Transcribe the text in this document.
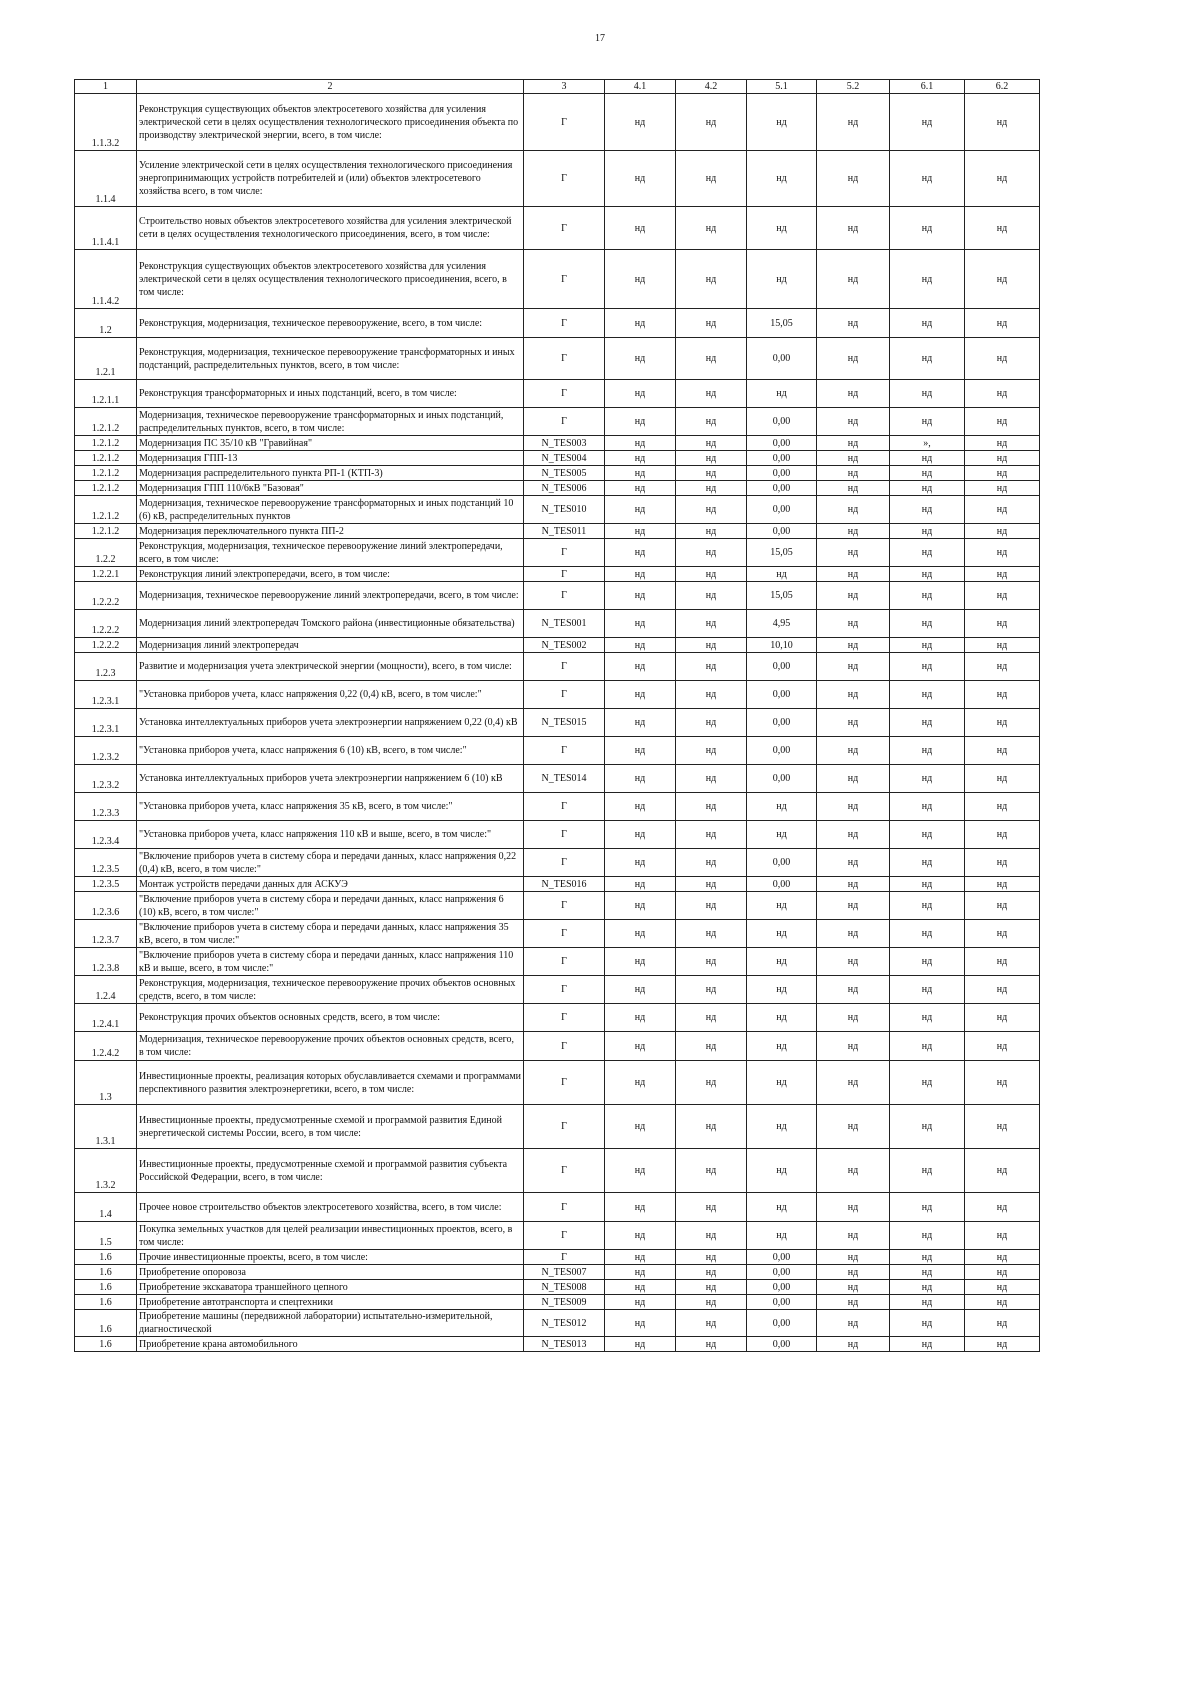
17
1	2	3	4.1	4.2	5.1	5.2	6.1	6.2
1.1.3.2	Реконструкция существующих объектов электросетевого хозяйства для усиления электрической сети в целях осуществления технологического присоединения объекта по производству электрической энергии, всего, в том числе:	Г	нд	нд	нд	нд	нд	нд
1.1.4	Усиление электрической сети в целях осуществления технологического присоединения энергопринимающих устройств потребителей и (или) объектов электросетевого хозяйства всего, в том числе:	Г	нд	нд	нд	нд	нд	нд
1.1.4.1	Строительство новых объектов электросетевого хозяйства для усиления электрической сети в целях осуществления технологического присоединения, всего, в том числе:	Г	нд	нд	нд	нд	нд	нд
1.1.4.2	Реконструкция существующих объектов электросетевого хозяйства для усиления электрической сети в целях осуществления технологического присоединения, всего, в том числе:	Г	нд	нд	нд	нд	нд	нд
1.2	Реконструкция, модернизация, техническое перевооружение, всего, в том числе:	Г	нд	нд	15,05	нд	нд	нд
1.2.1	Реконструкция, модернизация, техническое перевооружение трансформаторных и иных подстанций, распределительных пунктов, всего, в том числе:	Г	нд	нд	0,00	нд	нд	нд
1.2.1.1	Реконструкция трансформаторных и иных подстанций, всего, в том числе:	Г	нд	нд	нд	нд	нд	нд
1.2.1.2	Модернизация, техническое перевооружение трансформаторных и иных подстанций, распределительных пунктов, всего, в том числе:	Г	нд	нд	0,00	нд	нд	нд
1.2.1.2	Модернизация ПС 35/10 кВ "Гравийная"	N_TES003	нд	нд	0,00	нд	»,	нд
1.2.1.2	Модернизация ГПП-13	N_TES004	нд	нд	0,00	нд	нд	нд
1.2.1.2	Модернизация распределительного пункта РП-1 (КТП-3)	N_TES005	нд	нд	0,00	нд	нд	нд
1.2.1.2	Модернизация ГПП 110/6кВ "Базовая"	N_TES006	нд	нд	0,00	нд	нд	нд
1.2.1.2	Модернизация, техническое перевооружение трансформаторных и иных подстанций 10 (6) кВ, распределительных пунктов	N_TES010	нд	нд	0,00	нд	нд	нд
1.2.1.2	Модернизация переключательного пункта ПП-2	N_TES011	нд	нд	0,00	нд	нд	нд
1.2.2	Реконструкция, модернизация, техническое перевооружение линий электропередачи, всего, в том числе:	Г	нд	нд	15,05	нд	нд	нд
1.2.2.1	Реконструкция линий электропередачи, всего, в том числе:	Г	нд	нд	нд	нд	нд	нд
1.2.2.2	Модернизация, техническое перевооружение линий электропередачи, всего, в том числе:	Г	нд	нд	15,05	нд	нд	нд
1.2.2.2	Модернизация линий электропередач Томского района (инвестиционные обязательства)	N_TES001	нд	нд	4,95	нд	нд	нд
1.2.2.2	Модернизация линий электропередач	N_TES002	нд	нд	10,10	нд	нд	нд
1.2.3	Развитие и модернизация учета электрической энергии (мощности), всего, в том числе:	Г	нд	нд	0,00	нд	нд	нд
1.2.3.1	"Установка приборов учета, класс напряжения 0,22 (0,4) кВ, всего, в том числе:"	Г	нд	нд	0,00	нд	нд	нд
1.2.3.1	Установка интеллектуальных приборов учета электроэнергии напряжением 0,22 (0,4) кВ	N_TES015	нд	нд	0,00	нд	нд	нд
1.2.3.2	"Установка приборов учета, класс напряжения 6 (10) кВ, всего, в том числе:"	Г	нд	нд	0,00	нд	нд	нд
1.2.3.2	Установка интеллектуальных приборов учета электроэнергии напряжением 6 (10) кВ	N_TES014	нд	нд	0,00	нд	нд	нд
1.2.3.3	"Установка приборов учета, класс напряжения 35 кВ, всего, в том числе:"	Г	нд	нд	нд	нд	нд	нд
1.2.3.4	"Установка приборов учета, класс напряжения 110 кВ и выше, всего, в том числе:"	Г	нд	нд	нд	нд	нд	нд
1.2.3.5	"Включение приборов учета в систему сбора и передачи данных, класс напряжения 0,22 (0,4) кВ, всего, в том числе:"	Г	нд	нд	0,00	нд	нд	нд
1.2.3.5	Монтаж устройств передачи данных для АСКУЭ	N_TES016	нд	нд	0,00	нд	нд	нд
1.2.3.6	"Включение приборов учета в систему сбора и передачи данных, класс напряжения 6 (10) кВ, всего, в том числе:"	Г	нд	нд	нд	нд	нд	нд
1.2.3.7	"Включение приборов учета в систему сбора и передачи данных, класс напряжения 35 кВ, всего, в том числе:"	Г	нд	нд	нд	нд	нд	нд
1.2.3.8	"Включение приборов учета в систему сбора и передачи данных, класс напряжения 110 кВ и выше, всего, в том числе:"	Г	нд	нд	нд	нд	нд	нд
1.2.4	Реконструкция, модернизация, техническое перевооружение прочих объектов основных средств, всего, в том числе:	Г	нд	нд	нд	нд	нд	нд
1.2.4.1	Реконструкция прочих объектов основных средств, всего, в том числе:	Г	нд	нд	нд	нд	нд	нд
1.2.4.2	Модернизация, техническое перевооружение прочих объектов основных средств, всего, в том числе:	Г	нд	нд	нд	нд	нд	нд
1.3	Инвестиционные проекты, реализация которых обуславливается схемами и программами перспективного развития электроэнергетики, всего, в том числе:	Г	нд	нд	нд	нд	нд	нд
1.3.1	Инвестиционные проекты, предусмотренные схемой и программой развития Единой энергетической системы России, всего, в том числе:	Г	нд	нд	нд	нд	нд	нд
1.3.2	Инвестиционные проекты, предусмотренные схемой и программой развития субъекта Российской Федерации, всего, в том числе:	Г	нд	нд	нд	нд	нд	нд
1.4	Прочее новое строительство объектов электросетевого хозяйства, всего, в том числе:	Г	нд	нд	нд	нд	нд	нд
1.5	Покупка земельных участков для целей реализации инвестиционных проектов, всего, в том числе:	Г	нд	нд	нд	нд	нд	нд
1.6	Прочие инвестиционные проекты, всего, в том числе:	Г	нд	нд	0,00	нд	нд	нд
1.6	Приобретение опоровоза	N_TES007	нд	нд	0,00	нд	нд	нд
1.6	Приобретение экскаватора траншейного цепного	N_TES008	нд	нд	0,00	нд	нд	нд
1.6	Приобретение автотранспорта и спецтехники	N_TES009	нд	нд	0,00	нд	нд	нд
1.6	Приобретение машины (передвижной лаборатории) испытательно-измерительной, диагностической	N_TES012	нд	нд	0,00	нд	нд	нд
1.6	Приобретение крана автомобильного	N_TES013	нд	нд	0,00	нд	нд	нд
